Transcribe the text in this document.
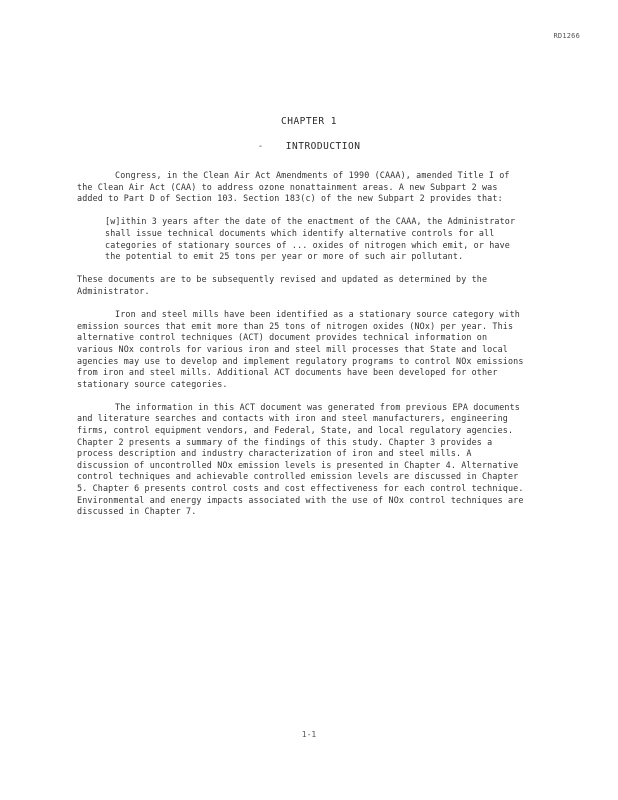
RD1266
CHAPTER 1
- INTRODUCTION

Congress, in the Clean Air Act Amendments of 1990 (CAAA), amended Title I of the Clean Air Act (CAA) to address ozone nonattainment areas. A new Subpart 2 was added to Part D of Section 103. Section 183(c) of the new Subpart 2 provides that:

[w]ithin 3 years after the date of the enactment of the CAAA, the Administrator shall issue technical documents which identify alternative controls for all categories of stationary sources of ... oxides of nitrogen which emit, or have the potential to emit 25 tons per year or more of such air pollutant.

These documents are to be subsequently revised and updated as determined by the Administrator.

Iron and steel mills have been identified as a stationary source category with emission sources that emit more than 25 tons of nitrogen oxides (NOx) per year. This alternative control techniques (ACT) document provides technical information on various NOx controls for various iron and steel mill processes that State and local agencies may use to develop and implement regulatory programs to control NOx emissions from iron and steel mills. Additional ACT documents have been developed for other stationary source categories.

The information in this ACT document was generated from previous EPA documents and literature searches and contacts with iron and steel manufacturers, engineering firms, control equipment vendors, and Federal, State, and local regulatory agencies. Chapter 2 presents a summary of the findings of this study. Chapter 3 provides a process description and industry characterization of iron and steel mills. A discussion of uncontrolled NOx emission levels is presented in Chapter 4. Alternative control techniques and achievable controlled emission levels are discussed in Chapter 5. Chapter 6 presents control costs and cost effectiveness for each control technique. Environmental and energy impacts associated with the use of NOx control techniques are discussed in Chapter 7.

1-1
